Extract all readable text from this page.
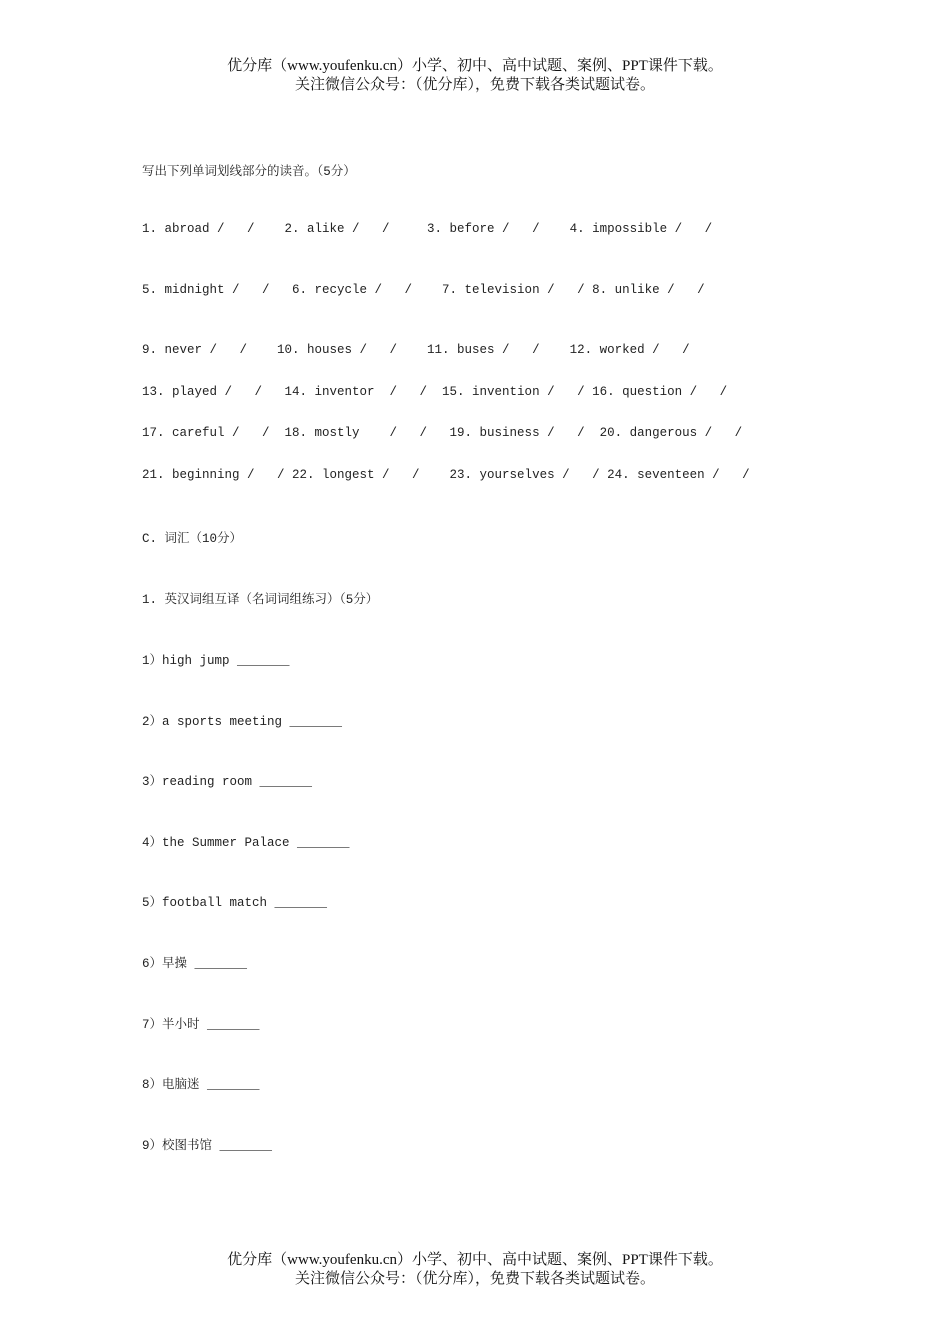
优分库（www.youfenku.cn）小学、初中、高中试题、案例、PPT课件下载。
关注微信公众号：（优分库），免费下载各类试题试卷。
写出下列单词划线部分的读音。（5分）
1. abroad /   /    2. alike /   /     3. before /   /    4. impossible /   /
5. midnight /   /   6. recycle /   /    7. television /   / 8. unlike /   /
9. never /   /    10. houses /   /    11. buses /   /    12. worked /   /
13. played /   /   14. inventor  /   /  15. invention /   / 16. question /   /
17. careful /   /  18. mostly    /   /   19. business /   /  20. dangerous /   /
21. beginning /   / 22. longest /   /    23. yourselves /   / 24. seventeen /   /
C. 词汇（10分）
1. 英汉词组互译（名词词组练习）（5分）
1）high jump _______
2）a sports meeting _______
3）reading room _______
4）the Summer Palace _______
5）football match _______
6）早操 _______
7）半小时 _______
8）电脑迷 _______
9）校图书馆 _______
优分库（www.youfenku.cn）小学、初中、高中试题、案例、PPT课件下载。
关注微信公众号：（优分库），免费下载各类试题试卷。
